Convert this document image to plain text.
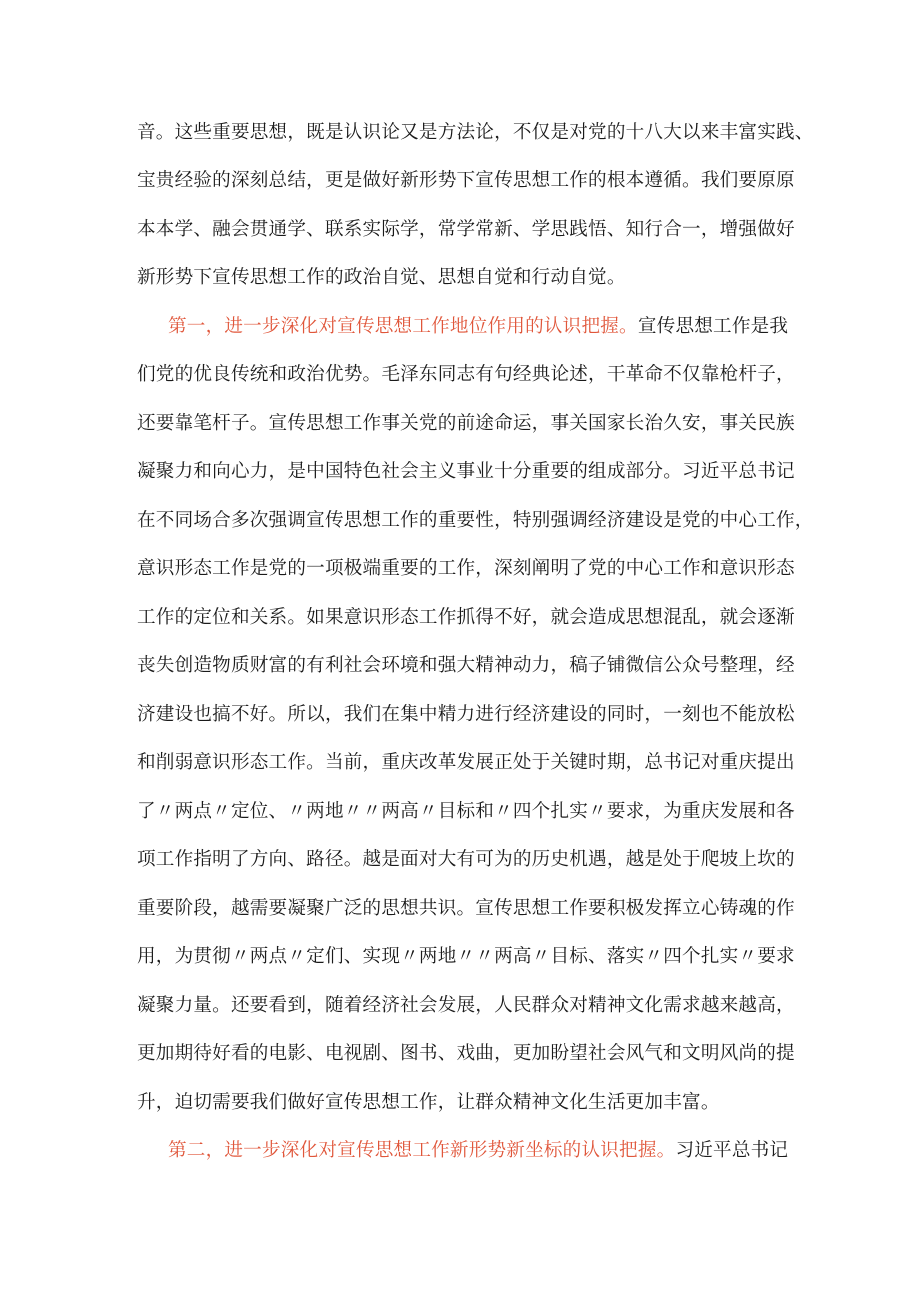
音。这些重要思想，既是认识论又是方法论，不仅是对党的十八大以来丰富实践、
宝贵经验的深刻总结，更是做好新形势下宣传思想工作的根本遵循。我们要原原
本本学、融会贯通学、联系实际学，常学常新、学思践悟、知行合一，增强做好
新形势下宣传思想工作的政治自觉、思想自觉和行动自觉。
第一，进一步深化对宣传思想工作地位作用的认识把握。宣传思想工作是我
们党的优良传统和政治优势。毛泽东同志有句经典论述，干革命不仅靠枪杆子，
还要靠笔杆子。宣传思想工作事关党的前途命运，事关国家长治久安，事关民族
凝聚力和向心力，是中国特色社会主义事业十分重要的组成部分。习近平总书记
在不同场合多次强调宣传思想工作的重要性，特别强调经济建设是党的中心工作，
意识形态工作是党的一项极端重要的工作，深刻阐明了党的中心工作和意识形态
工作的定位和关系。如果意识形态工作抓得不好，就会造成思想混乱，就会逐渐
丧失创造物质财富的有利社会环境和强大精神动力，稿子铺微信公众号整理，经
济建设也搞不好。所以，我们在集中精力进行经济建设的同时，一刻也不能放松
和削弱意识形态工作。当前，重庆改革发展正处于关键时期，总书记对重庆提出
了〃两点〃定位、〃两地〃〃两高〃目标和〃四个扎实〃要求，为重庆发展和各
项工作指明了方向、路径。越是面对大有可为的历史机遇，越是处于爬坡上坎的
重要阶段，越需要凝聚广泛的思想共识。宣传思想工作要积极发挥立心铸魂的作
用，为贯彻〃两点〃定们、实现〃两地〃〃两高〃目标、落实〃四个扎实〃要求
凝聚力量。还要看到，随着经济社会发展，人民群众对精神文化需求越来越高，
更加期待好看的电影、电视剧、图书、戏曲，更加盼望社会风气和文明风尚的提
升，迫切需要我们做好宣传思想工作，让群众精神文化生活更加丰富。
第二，进一步深化对宣传思想工作新形势新坐标的认识把握。习近平总书记
